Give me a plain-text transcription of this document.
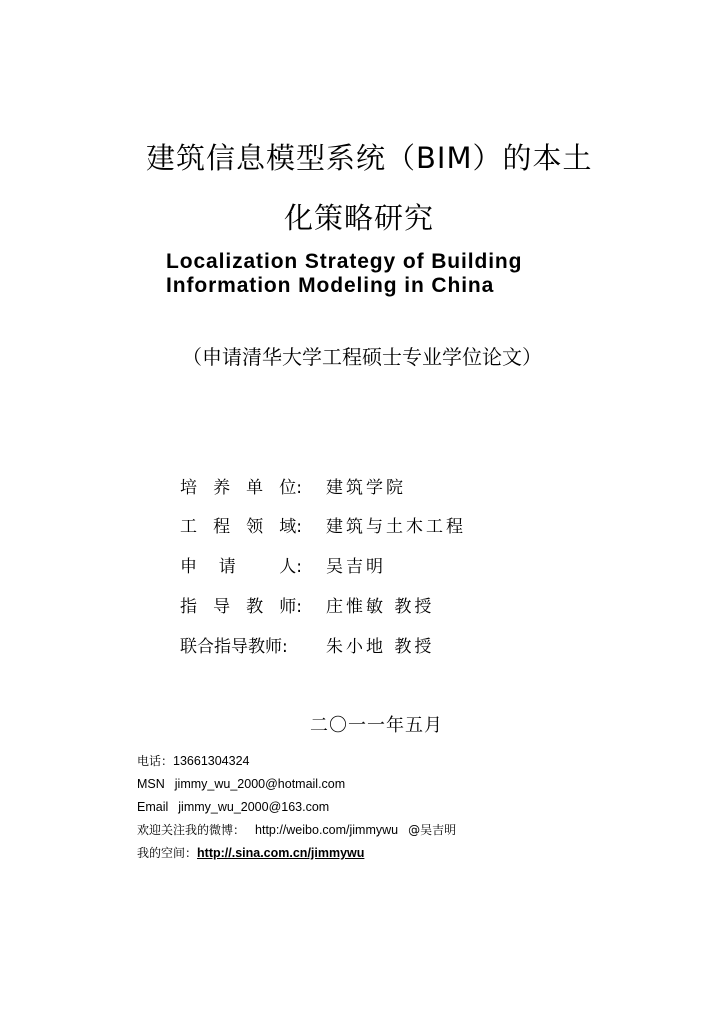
建筑信息模型系统（BIM）的本土
化策略研究
Localization Strategy of Building
Information Modeling in China
（申请清华大学工程硕士专业学位论文）
培 养 单 位: 建筑学院
工 程 领 域: 建筑与土木工程
申 请	人: 吴吉明
指 导 教 师: 庄惟敏 教授
联合指导教师: 朱小地 教授
二〇一一年五月
电话：13661304324
MSN jimmy_wu_2000@hotmail.com
Email jimmy_wu_2000@163.com
欢迎关注我的微博： http://weibo.com/jimmywu @吴吉明
我的空间：http://.sina.com.cn/jimmywu
